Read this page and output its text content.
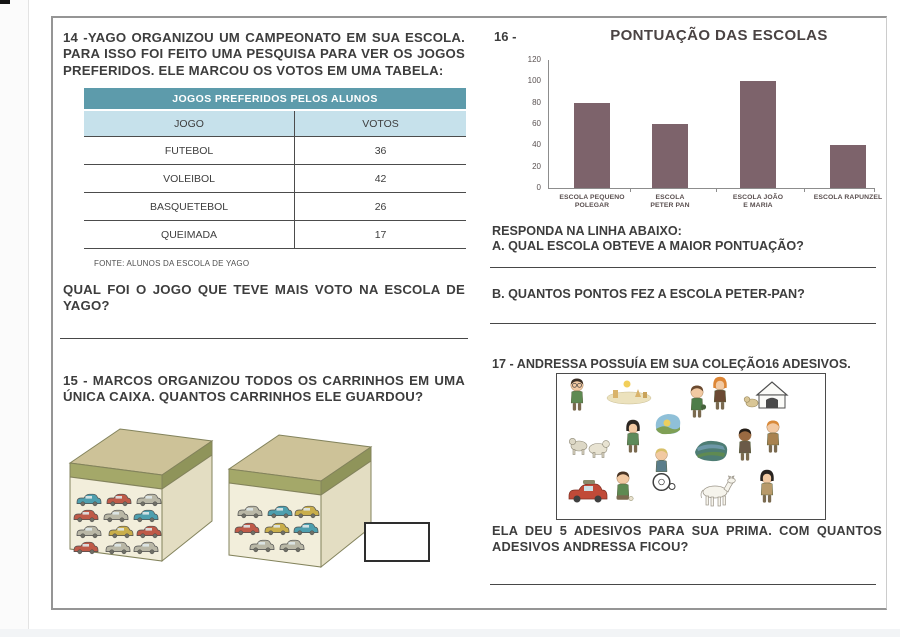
14 -YAGO ORGANIZOU UM CAMPEONATO EM SUA ESCOLA. PARA ISSO FOI FEITO UMA PESQUISA PARA VER OS JOGOS PREFERIDOS. ELE MARCOU OS VOTOS EM UMA TABELA:
JOGOS PREFERIDOS PELOS ALUNOS
JOGO	VOTOS
FUTEBOL	36
VOLEIBOL	42
BASQUETEBOL	26
QUEIMADA	17
FONTE: ALUNOS DA ESCOLA DE YAGO
QUAL FOI O JOGO QUE TEVE MAIS VOTO NA ESCOLA DE YAGO?
15 - MARCOS ORGANIZOU TODOS OS CARRINHOS EM UMA ÚNICA CAIXA. QUANTOS CARRINHOS ELE GUARDOU?
16 -	PONTUAÇÃO DAS ESCOLAS
0
20
40
60
80
100
120
ESCOLA PEQUENO
POLEGAR
ESCOLA
PETER PAN
ESCOLA JOÃO
E MARIA
ESCOLA RAPUNZEL
RESPONDA NA LINHA ABAIXO:
A. QUAL ESCOLA OBTEVE A MAIOR PONTUAÇÃO?
B. QUANTOS PONTOS FEZ A ESCOLA PETER-PAN?
17 - ANDRESSA POSSUÍA EM SUA COLEÇÃO16 ADESIVOS.
ELA DEU 5 ADESIVOS PARA SUA PRIMA. COM QUANTOS ADESIVOS ANDRESSA FICOU?
